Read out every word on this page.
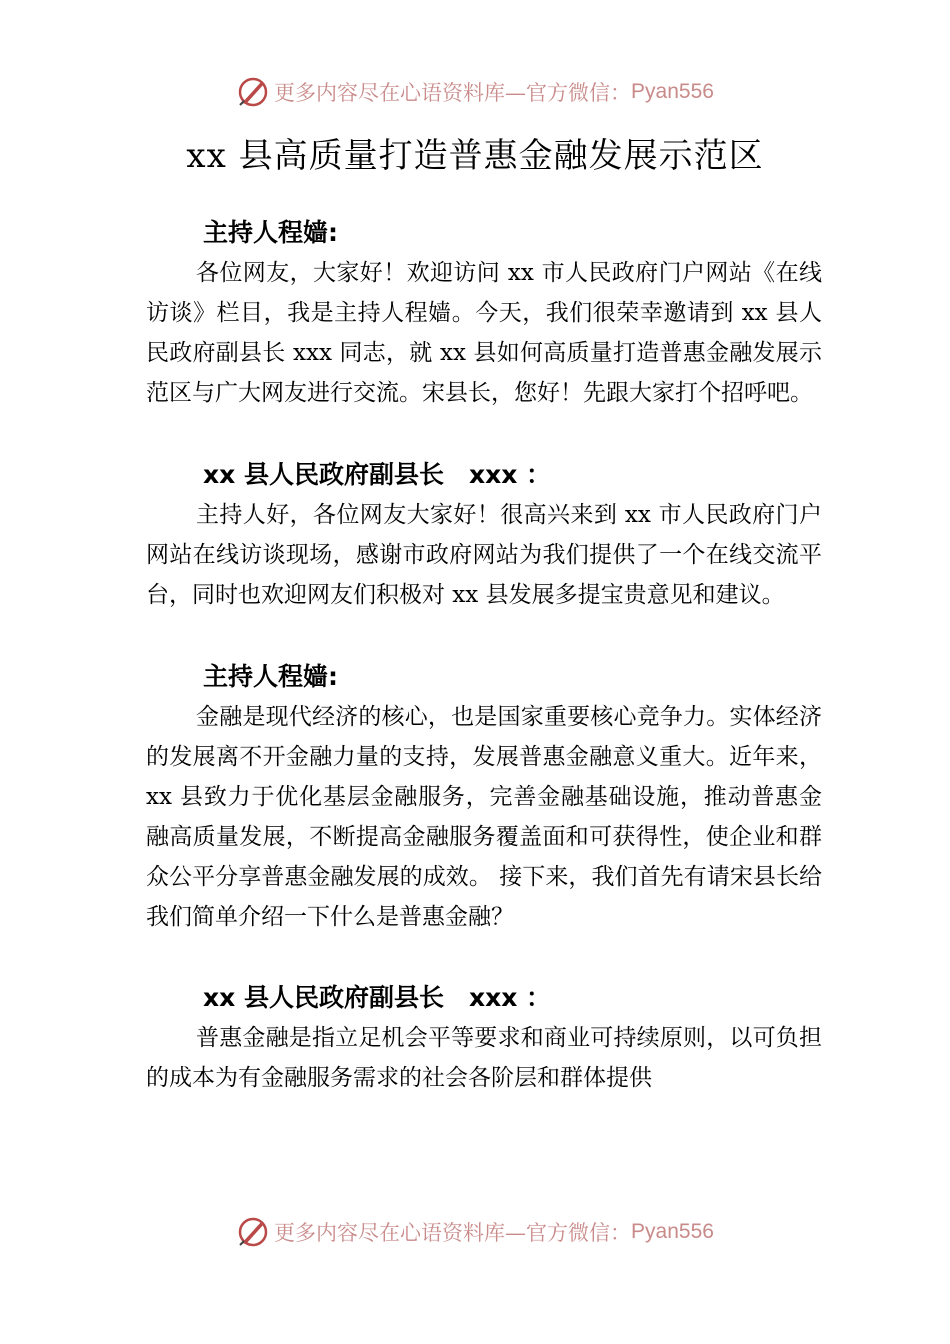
更多内容尽在心语资料库—官方微信： Pyan556
xx 县高质量打造普惠金融发展示范区
主持人程嫱:

各位网友，大家好！欢迎访问 xx 市人民政府门户网站《在线访谈》栏目，我是主持人程嫱。今天，我们很荣幸邀请到 xx 县人民政府副县长 xxx 同志，就 xx 县如何高质量打造普惠金融发展示范区与广大网友进行交流。宋县长，您好！先跟大家打个招呼吧。

xx 县人民政府副县长　xxx ：

主持人好，各位网友大家好！很高兴来到 xx 市人民政府门户网站在线访谈现场，感谢市政府网站为我们提供了一个在线交流平台，同时也欢迎网友们积极对 xx 县发展多提宝贵意见和建议。

主持人程嫱:

金融是现代经济的核心，也是国家重要核心竞争力。实体经济的发展离不开金融力量的支持，发展普惠金融意义重大。近年来，xx 县致力于优化基层金融服务，完善金融基础设施，推动普惠金融高质量发展，不断提高金融服务覆盖面和可获得性，使企业和群众公平分享普惠金融发展的成效。 接下来，我们首先有请宋县长给我们简单介绍一下什么是普惠金融？

xx 县人民政府副县长　xxx ：

普惠金融是指立足机会平等要求和商业可持续原则，以可负担的成本为有金融服务需求的社会各阶层和群体提供

更多内容尽在心语资料库—官方微信： Pyan556
